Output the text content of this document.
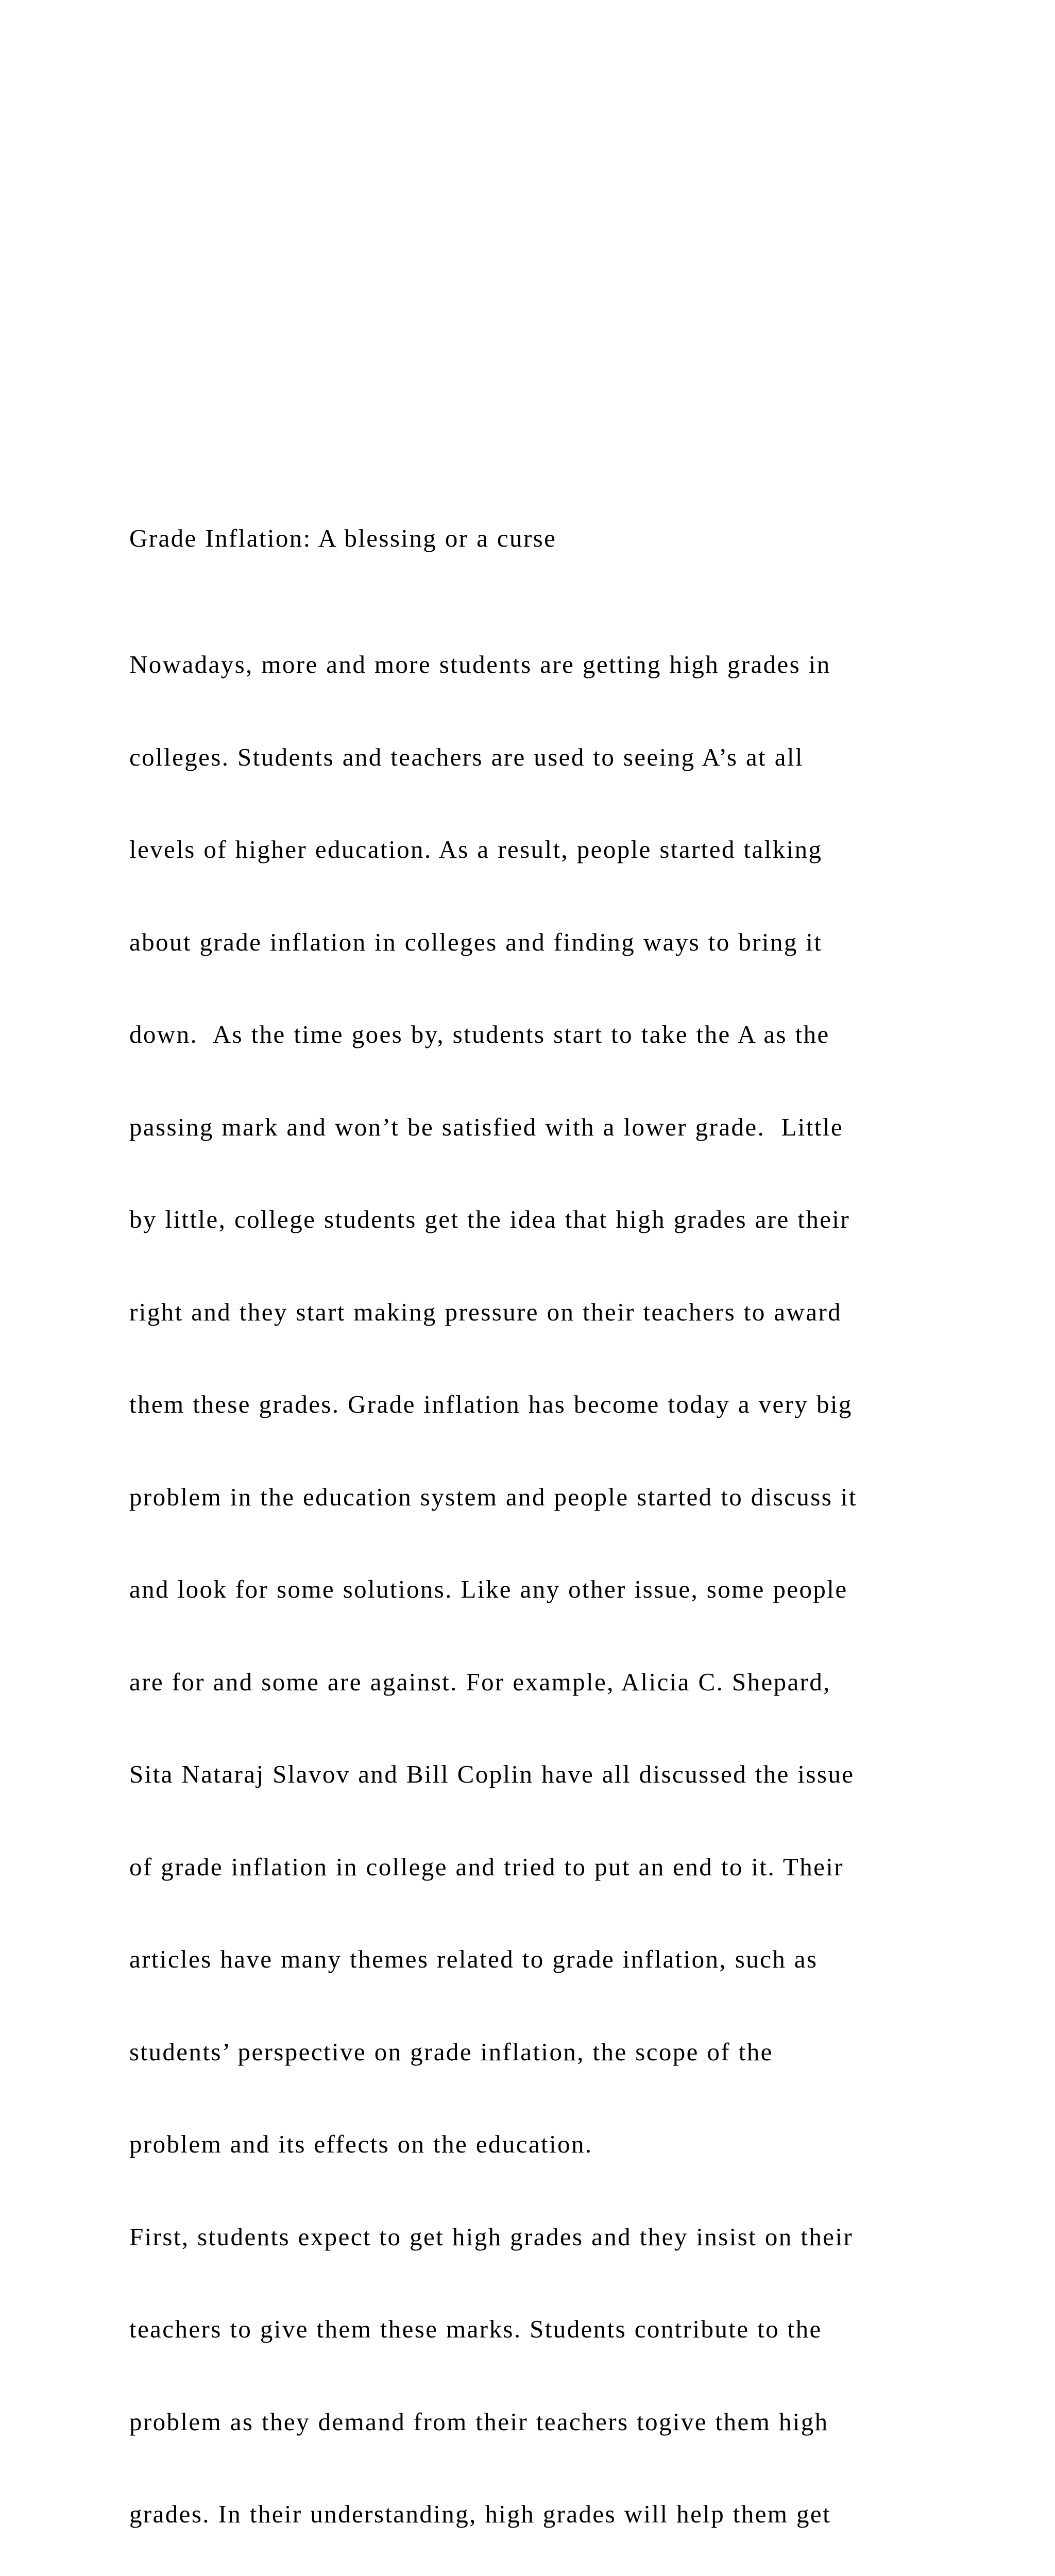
Grade Inflation: A blessing or a curse

Nowadays, more and more students are getting high grades in

colleges. Students and teachers are used to seeing A’s at all

levels of higher education. As a result, people started talking

about grade inflation in colleges and finding ways to bring it

down.  As the time goes by, students start to take the A as the

passing mark and won’t be satisfied with a lower grade.  Little

by little, college students get the idea that high grades are their

right and they start making pressure on their teachers to award

them these grades. Grade inflation has become today a very big

problem in the education system and people started to discuss it

and look for some solutions. Like any other issue, some people

are for and some are against. For example, Alicia C. Shepard,

Sita Nataraj Slavov and Bill Coplin have all discussed the issue

of grade inflation in college and tried to put an end to it. Their

articles have many themes related to grade inflation, such as

students’ perspective on grade inflation, the scope of the

problem and its effects on the education.

First, students expect to get high grades and they insist on their

teachers to give them these marks. Students contribute to the

problem as they demand from their teachers togive them high

grades. In their understanding, high grades will help them get
